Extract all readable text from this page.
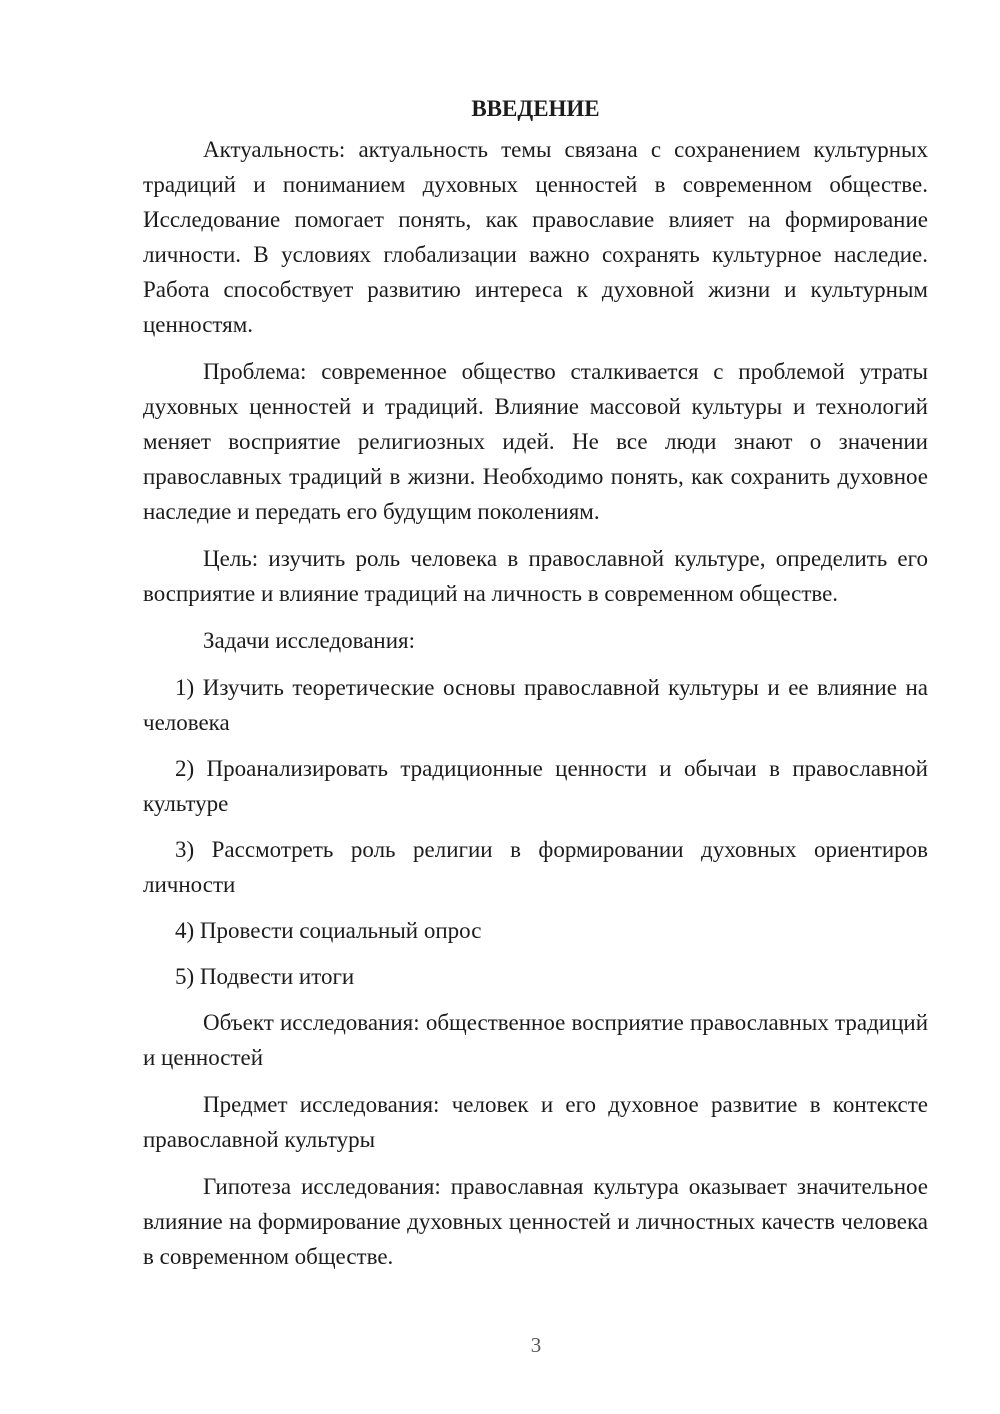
ВВЕДЕНИЕ

Актуальность: актуальность темы связана с сохранением культурных традиций и пониманием духовных ценностей в современном обществе. Исследование помогает понять, как православие влияет на формирование личности. В условиях глобализации важно сохранять культурное наследие. Работа способствует развитию интереса к духовной жизни и культурным ценностям.

Проблема: современное общество сталкивается с проблемой утраты духовных ценностей и традиций. Влияние массовой культуры и технологий меняет восприятие религиозных идей. Не все люди знают о значении православных традиций в жизни. Необходимо понять, как сохранить духовное наследие и передать его будущим поколениям.

Цель: изучить роль человека в православной культуре, определить его восприятие и влияние традиций на личность в современном обществе.

Задачи исследования:

1) Изучить теоретические основы православной культуры и ее влияние на человека

2) Проанализировать традиционные ценности и обычаи в православной культуре

3) Рассмотреть роль религии в формировании духовных ориентиров личности

4) Провести социальный опрос

5) Подвести итоги

Объект исследования: общественное восприятие православных традиций и ценностей

Предмет исследования: человек и его духовное развитие в контексте православной культуры

Гипотеза исследования: православная культура оказывает значительное влияние на формирование духовных ценностей и личностных качеств человека в современном обществе.

3
